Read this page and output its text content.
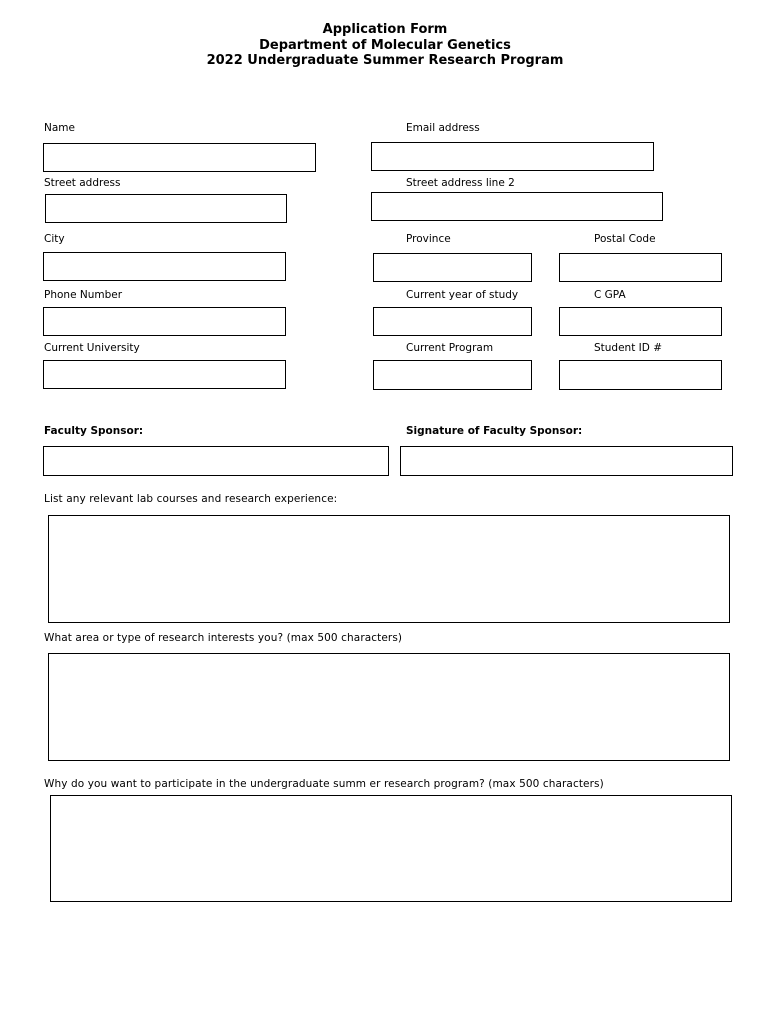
Application Form
Department of Molecular Genetics
2022 Undergraduate Summer Research Program
Name	Email address
Street address	Street address line 2
City	Province	Postal Code
Phone Number	Current year of study	C GPA
Current University	Current Program	Student ID #
Faculty Sponsor:	Signature of Faculty Sponsor:
List any relevant lab courses and research experience:
What area or type of research interests you? (max 500 characters)
Why do you want to participate in the undergraduate summ er research program? (max 500 characters)
